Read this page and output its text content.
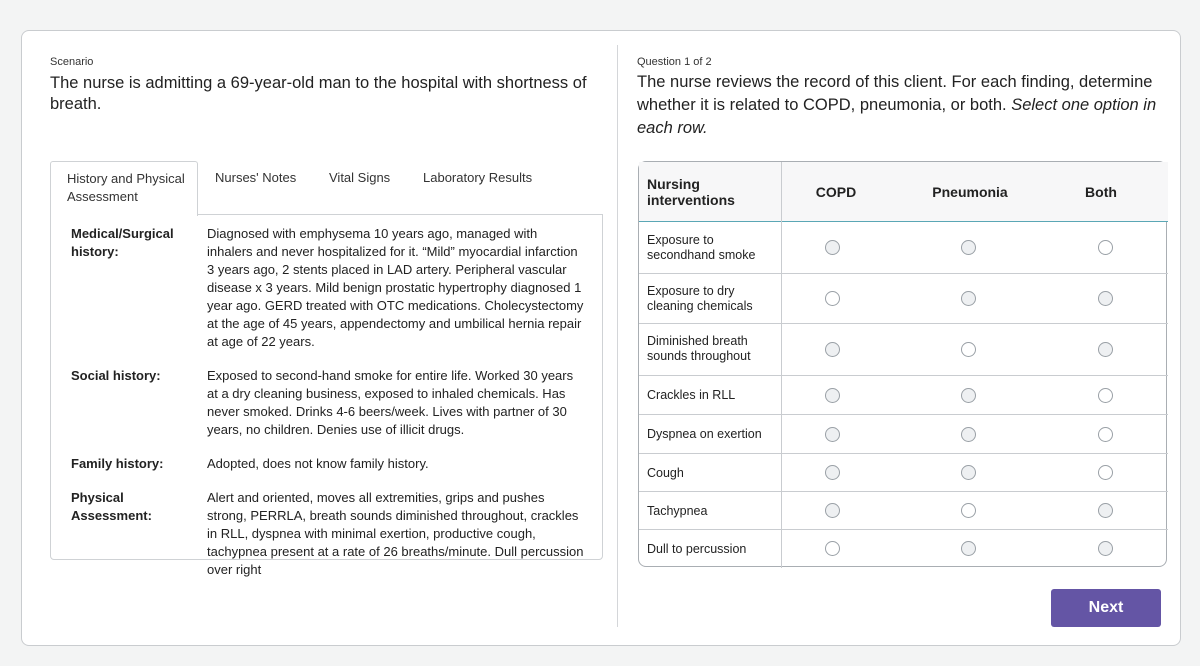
Scenario

The nurse is admitting a 69-year-old man to the hospital with shortness of breath.

History and Physical Assessment
Nurses' Notes	Vital Signs	Laboratory Results
Medical/Surgical history:
Diagnosed with emphysema 10 years ago, managed with inhalers and never hospitalized for it. “Mild” myocardial infarction 3 years ago, 2 stents placed in LAD artery. Peripheral vascular disease x 3 years. Mild benign prostatic hypertrophy diagnosed 1 year ago. GERD treated with OTC medications. Cholecystectomy at the age of 45 years, appendectomy and umbilical hernia repair at age of 22 years.
Social history:	Exposed to second-hand smoke for entire life. Worked 30 years at a dry cleaning business, exposed to inhaled chemicals. Has never smoked. Drinks 4-6 beers/week. Lives with partner of 30 years, no children. Denies use of illicit drugs.
Family history:	Adopted, does not know family history.
Physical Assessment:
Alert and oriented, moves all extremities, grips and pushes strong, PERRLA, breath sounds diminished throughout, crackles in RLL, dyspnea with minimal exertion, productive cough, tachypnea present at a rate of 26 breaths/minute. Dull percussion over right
Question 1 of 2

The nurse reviews the record of this client. For each finding, determine whether it is related to COPD, pneumonia, or both. Select one option in each row.

Nursing interventions	COPD	Pneumonia	Both
Exposure to secondhand smoke
Exposure to dry cleaning chemicals
Diminished breath sounds throughout
Crackles in RLL
Dyspnea on exertion
Cough
Tachypnea
Dull to percussion
Next
